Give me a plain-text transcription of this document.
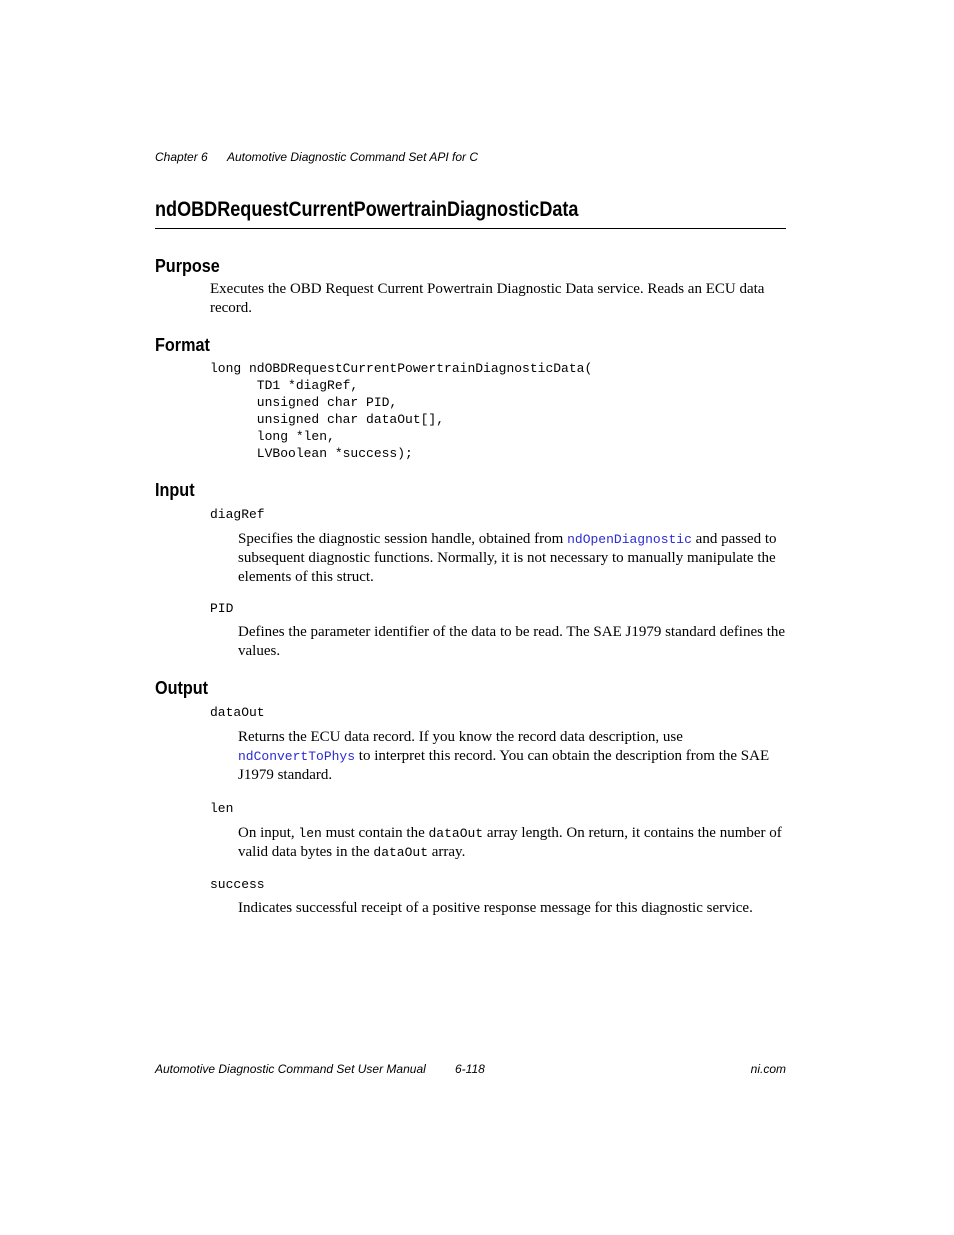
Chapter 6 Automotive Diagnostic Command Set API for C
ndOBDRequestCurrentPowertrainDiagnosticData
Purpose

Executes the OBD Request Current Powertrain Diagnostic Data service. Reads an ECU data record.

Format
long ndOBDRequestCurrentPowertrainDiagnosticData(
TD1 *diagRef,
unsigned char PID,
unsigned char dataOut[],
long *len,
LVBoolean *success);
Input
diagRef

Specifies the diagnostic session handle, obtained from ndOpenDiagnostic and passed to subsequent diagnostic functions. Normally, it is not necessary to manually manipulate the elements of this struct.

PID

Defines the parameter identifier of the data to be read. The SAE J1979 standard defines the values.

Output
dataOut

Returns the ECU data record. If you know the record data description, use ndConvertToPhys to interpret this record. You can obtain the description from the SAE J1979 standard.

len

On input, len must contain the dataOut array length. On return, it contains the number of valid data bytes in the dataOut array.

success

Indicates successful receipt of a positive response message for this diagnostic service.

Automotive Diagnostic Command Set User Manual 6-118	ni.com
